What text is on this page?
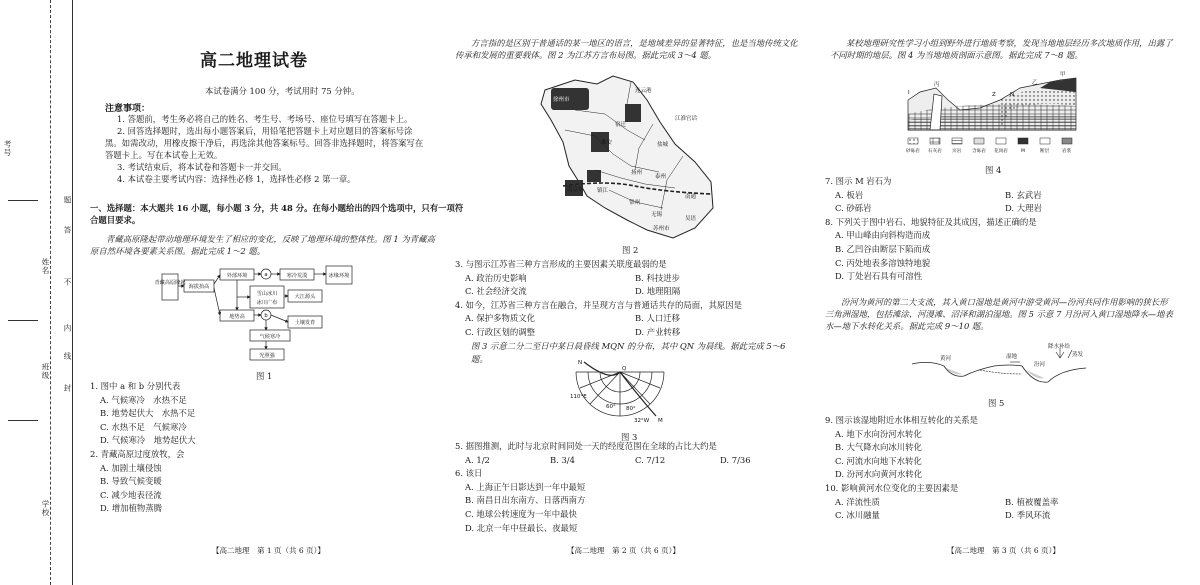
考号
姓名
班级
学校
题
答
不
内
线
封
高二地理试卷
本试卷满分 100 分，考试用时 75 分钟。
注意事项：
1. 答题前，考生务必将自己的姓名、考生号、考场号、座位号填写在答题卡上。
2. 回答选择题时，选出每小题答案后，用铅笔把答题卡上对应题目的答案标号涂
黑。如需改动，用橡皮擦干净后，再选涂其他答案标号。回答非选择题时，将答案写在
答题卡上。写在本试卷上无效。
3. 考试结束后，将本试卷和答题卡一并交回。
4. 本试卷主要考试内容：选择性必修 1，选择性必修 2 第一章。
一、选择题：本大题共 16 小题，每小题 3 分，共 48 分。在每小题给出的四个选项中，只有一项符
合题目要求。
青藏高原隆起带动地理环境发生了相应的变化，反映了地理环境的整体性。图 1 为青藏高
原自然环境各要素关系图。据此完成 1～2 题。
青藏高原隆起
海拔抬高
外部环境	a	寒冷荒漠	冰缘环境
雪山冰川
冰川广布
大江源头
地势高	b
土壤发育
气候寒冷
光照强
图 1
1. 图中 a 和 b 分别代表
A. 气候寒冷　水热不足
B. 地势起伏大　水热不足
C. 水热不足　气候寒冷
D. 气候寒冷　地势起伏大
2. 青藏高原过度放牧，会
A. 加剧土壤侵蚀
B. 导致气候变暖
C. 减少地表径流
D. 增加植物蒸腾
【高二地理　第 1 页（共 6 页）】
方言指的是区别于普通话的某一地区的语言，是地域差异的显著特征，也是当地传统文化
传承和发展的重要载体。图 2 为江苏方言布局图。据此完成 3～4 题。
徐州市
连云港
宿迁
淮安	盐城
扬州
泰州
南通
南京市 镇江
常州
无锡
苏州市
江淮官话
吴语
图 2
3. 与图示江苏省三种方言形成的主要因素关联度最弱的是
A. 政治历史影响	B. 科技进步
C. 社会经济交流	D. 地理阻隔
4. 如今，江苏省三种方言在融合，并呈现方言与普通话共存的局面，其原因是
A. 保护多物质文化	B. 人口迁移
C. 行政区划的调整	D. 产业转移
图 3 示意二分二至日中某日晨昏线 MQN 的分布，其中 QN 为晨线。据此完成 5～6 题。	N
Q
M
110°E
60° 80°
32°W
图 3
5. 据图推测，此时与北京时间同处一天的经度范围在全球的占比大约是
A. 1/2	B. 3/4	C. 7/12	D. 7/36
6. 该日
A. 上海正午日影达到一年中最短
B. 南昌日出东南方、日落西南方
C. 地球公转速度为一年中最快
D. 北京一年中昼最长、夜最短
【高二地理　第 2 页（共 6 页）】
某校地理研究性学习小组到野外进行地质考察，发现当地地层经历多次地质作用，出露了
不同时期的地层。图 4 为当地地质剖面示意图。据此完成 7～8 题。
I
丙
Z	N
乙
甲
砂砾岩 石灰岩 页岩 含砾岩 花岗岩	M	断层	岩浆
图 4
7. 图示 M 岩石为
A. 板岩	B. 玄武岩
C. 砂砾岩	D. 大理岩
8. 下列关于图中岩石、地貌特征及其成因，描述正确的是
A. 甲山峰由向斜构造而成
B. 乙凹谷由断层下陷而成
C. 丙处地表多溶蚀特地貌
D. 丁处岩石具有可溶性
汾河为黄河的第二大支流，其入黄口湿地是黄河中游受黄河—汾河共同作用影响的狭长形
三角洲湿地，包括滩涂、河漫滩、沼泽和湖泊湿地。图 5 示意 7 月汾河入黄口湿地降水—地表
水—地下水转化关系。据此完成 9～10 题。
降水补给
蒸发
黄河	湿地
汾河
图 5
9. 图示该湿地附近水体相互转化的关系是
A. 地下水向汾河水转化
B. 大气降水向冰川转化
C. 河流水向地下水转化
D. 汾河水向黄河水转化
10. 影响黄河水位变化的主要因素是
A. 洋流性质	B. 植被覆盖率
C. 冰川融量	D. 季风环流
【高二地理　第 3 页（共 6 页）】
